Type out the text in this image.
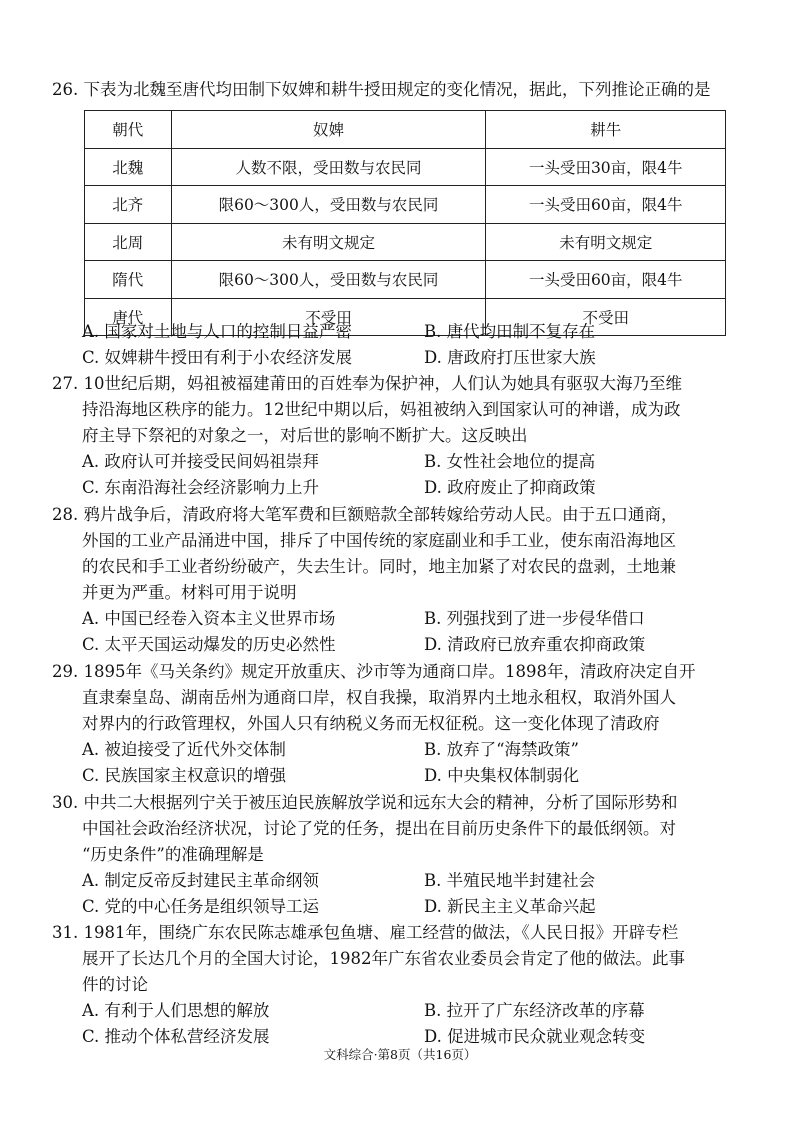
26. 下表为北魏至唐代均田制下奴婢和耕牛授田规定的变化情况，据此，下列推论正确的是
朝代	奴婢	耕牛
北魏	人数不限，受田数与农民同	一头受田30亩，限4牛
北齐	限60～300人，受田数与农民同	一头受田60亩，限4牛
北周	未有明文规定	未有明文规定
隋代	限60～300人，受田数与农民同	一头受田60亩，限4牛
唐代	不受田	不受田
A. 国家对土地与人口的控制日益严密	B. 唐代均田制不复存在
C. 奴婢耕牛授田有利于小农经济发展	D. 唐政府打压世家大族
27. 10世纪后期，妈祖被福建莆田的百姓奉为保护神，人们认为她具有驱驭大海乃至维
持沿海地区秩序的能力。12世纪中期以后，妈祖被纳入到国家认可的神谱，成为政
府主导下祭祀的对象之一，对后世的影响不断扩大。这反映出
A. 政府认可并接受民间妈祖崇拜	B. 女性社会地位的提高
C. 东南沿海社会经济影响力上升	D. 政府废止了抑商政策
28. 鸦片战争后，清政府将大笔军费和巨额赔款全部转嫁给劳动人民。由于五口通商，
外国的工业产品涌进中国，排斥了中国传统的家庭副业和手工业，使东南沿海地区
的农民和手工业者纷纷破产，失去生计。同时，地主加紧了对农民的盘剥，土地兼
并更为严重。材料可用于说明
A. 中国已经卷入资本主义世界市场	B. 列强找到了进一步侵华借口
C. 太平天国运动爆发的历史必然性	D. 清政府已放弃重农抑商政策
29. 1895年《马关条约》规定开放重庆、沙市等为通商口岸。1898年，清政府决定自开
直隶秦皇岛、湖南岳州为通商口岸，权自我操，取消界内土地永租权，取消外国人
对界内的行政管理权，外国人只有纳税义务而无权征税。这一变化体现了清政府
A. 被迫接受了近代外交体制	B. 放弃了“海禁政策”
C. 民族国家主权意识的增强	D. 中央集权体制弱化
30. 中共二大根据列宁关于被压迫民族解放学说和远东大会的精神，分析了国际形势和
中国社会政治经济状况，讨论了党的任务，提出在目前历史条件下的最低纲领。对
“历史条件”的准确理解是
A. 制定反帝反封建民主革命纲领	B. 半殖民地半封建社会
C. 党的中心任务是组织领导工运	D. 新民主主义革命兴起
31. 1981年，围绕广东农民陈志雄承包鱼塘、雇工经营的做法，《人民日报》开辟专栏
展开了长达几个月的全国大讨论，1982年广东省农业委员会肯定了他的做法。此事
件的讨论
A. 有利于人们思想的解放	B. 拉开了广东经济改革的序幕
C. 推动个体私营经济发展	D. 促进城市民众就业观念转变
文科综合·第8页（共16页）
